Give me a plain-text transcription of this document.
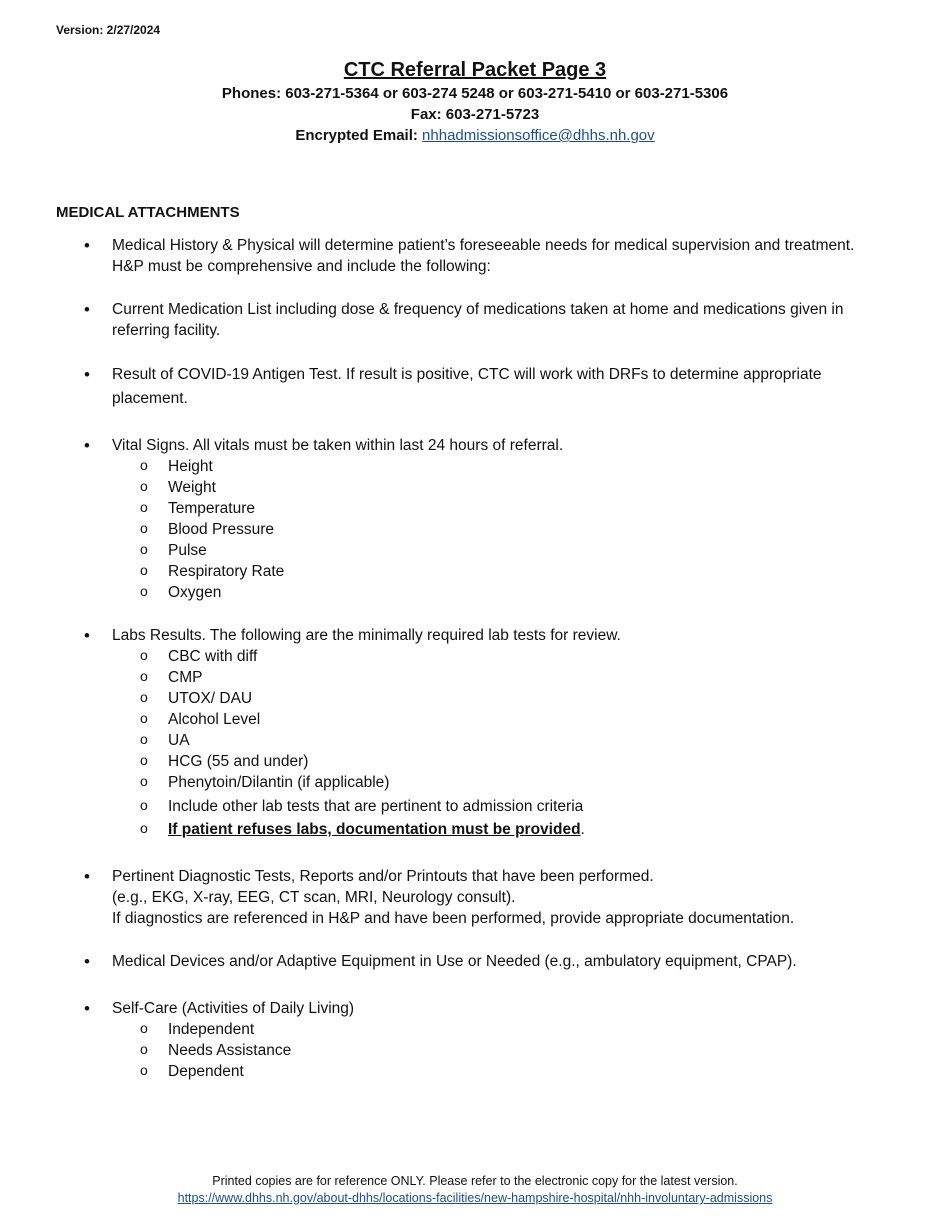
Version: 2/27/2024
CTC Referral Packet Page 3
Phones: 603-271-5364 or 603-274 5248 or 603-271-5410 or 603-271-5306
Fax: 603-271-5723
Encrypted Email: nhhadmissionsoffice@dhhs.nh.gov
MEDICAL ATTACHMENTS
• Medical History & Physical will determine patient’s foreseeable needs for medical supervision and treatment.
H&P must be comprehensive and include the following:
• Current Medication List including dose & frequency of medications taken at home and medications given in
referring facility.
• Result of COVID-19 Antigen Test. If result is positive, CTC will work with DRFs to determine appropriate
placement.
• Vital Signs. All vitals must be taken within last 24 hours of referral.
o Height
o Weight
o Temperature
o Blood Pressure
o Pulse
o Respiratory Rate
o Oxygen
• Labs Results. The following are the minimally required lab tests for review.
o CBC with diff
o CMP
o UTOX/ DAU
o Alcohol Level
o UA
o HCG (55 and under)
o Phenytoin/Dilantin (if applicable)
o Include other lab tests that are pertinent to admission criteria
o If patient refuses labs, documentation must be provided.
• Pertinent Diagnostic Tests, Reports and/or Printouts that have been performed.
(e.g., EKG, X-ray, EEG, CT scan, MRI, Neurology consult).
If diagnostics are referenced in H&P and have been performed, provide appropriate documentation.
• Medical Devices and/or Adaptive Equipment in Use or Needed (e.g., ambulatory equipment, CPAP).
• Self-Care (Activities of Daily Living)
o Independent
o Needs Assistance
o Dependent
Printed copies are for reference ONLY. Please refer to the electronic copy for the latest version.
https://www.dhhs.nh.gov/about-dhhs/locations-facilities/new-hampshire-hospital/nhh-involuntary-admissions
